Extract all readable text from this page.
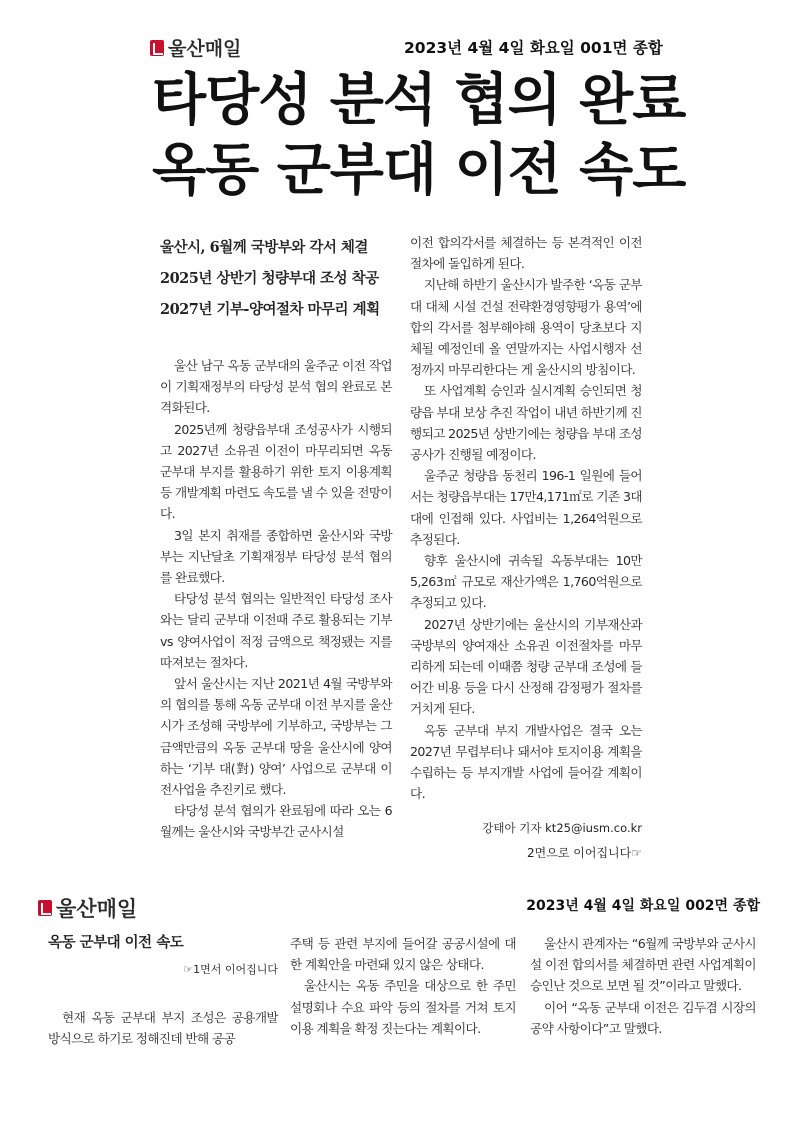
울산매일	2023년 4월 4일 화요일 001면 종합
타당성 분석 협의 완료
옥동 군부대 이전 속도
울산시, 6월께 국방부와 각서 체결
2025년 상반기 청량부대 조성 착공
2027년 기부-양여절차 마무리 계획

울산 남구 옥동 군부대의 울주군 이전 작업이 기획재정부의 타당성 분석 협의 완료로 본격화된다.

2025년께 청량읍부대 조성공사가 시행되고 2027년 소유권 이전이 마무리되면 옥동 군부대 부지를 활용하기 위한 토지 이용계획 등 개발계획 마련도 속도를 낼 수 있을 전망이다.

3일 본지 취재를 종합하면 울산시와 국방부는 지난달초 기획재정부 타당성 분석 협의를 완료했다.

타당성 분석 협의는 일반적인 타당성 조사와는 달리 군부대 이전때 주로 활용되는 기부 vs 양여사업이 적정 금액으로 책정됐는 지를 따져보는 절차다.

앞서 울산시는 지난 2021년 4월 국방부와의 협의를 통해 옥동 군부대 이전 부지를 울산시가 조성해 국방부에 기부하고, 국방부는 그 금액만큼의 옥동 군부대 땅을 울산시에 양여하는 ‘기부 대(對) 양여’ 사업으로 군부대 이전사업을 추진키로 했다.

타당성 분석 협의가 완료됨에 따라 오는 6월께는 울산시와 국방부간 군사시설

이전 합의각서를 체결하는 등 본격적인 이전 절차에 돌입하게 된다.

지난해 하반기 울산시가 발주한 ‘옥동 군부대 대체 시설 건설 전략환경영향평가 용역’에 합의 각서를 첨부해야해 용역이 당초보다 지체될 예정인데 올 연말까지는 사업시행자 선정까지 마무리한다는 게 울산시의 방침이다.

또 사업계획 승인과 실시계획 승인되면 청량읍 부대 보상 추진 작업이 내년 하반기께 진행되고 2025년 상반기에는 청량읍 부대 조성공사가 진행될 예정이다.

울주군 청량읍 동천리 196-1 일원에 들어서는 청량읍부대는 17만4,171㎡로 기존 3대대에 인접해 있다. 사업비는 1,264억원으로 추정된다.

향후 울산시에 귀속될 옥동부대는 10만5,263㎡ 규모로 재산가액은 1,760억원으로 추정되고 있다.

2027년 상반기에는 울산시의 기부재산과 국방부의 양여재산 소유권 이전절차를 마무리하게 되는데 이때쯤 청량 군부대 조성에 들어간 비용 등을 다시 산정해 감정평가 절차를 거치게 된다.

옥동 군부대 부지 개발사업은 결국 오는 2027년 무렵부터나 돼서야 토지이용 계획을 수립하는 등 부지개발 사업에 들어갈 계획이다.

강태아 기자 kt25@iusm.co.kr
2면으로 이어집니다☞
울산매일	2023년 4월 4일 화요일 002면 종합
옥동 군부대 이전 속도
☞1면서 이어집니다

현재 옥동 군부대 부지 조성은 공용개발 방식으로 하기로 정해진데 반해 공공

주택 등 관련 부지에 들어갈 공공시설에 대한 계획안을 마련돼 있지 않은 상태다.

울산시는 옥동 주민을 대상으로 한 주민 설명회나 수요 파악 등의 절차를 거쳐 토지이용 계획을 확정 짓는다는 계획이다.

울산시 관계자는 “6월께 국방부와 군사시설 이전 합의서를 체결하면 관련 사업계획이 승인난 것으로 보면 될 것”이라고 말했다.

이어 “옥동 군부대 이전은 김두겸 시장의 공약 사항이다”고 말했다.
